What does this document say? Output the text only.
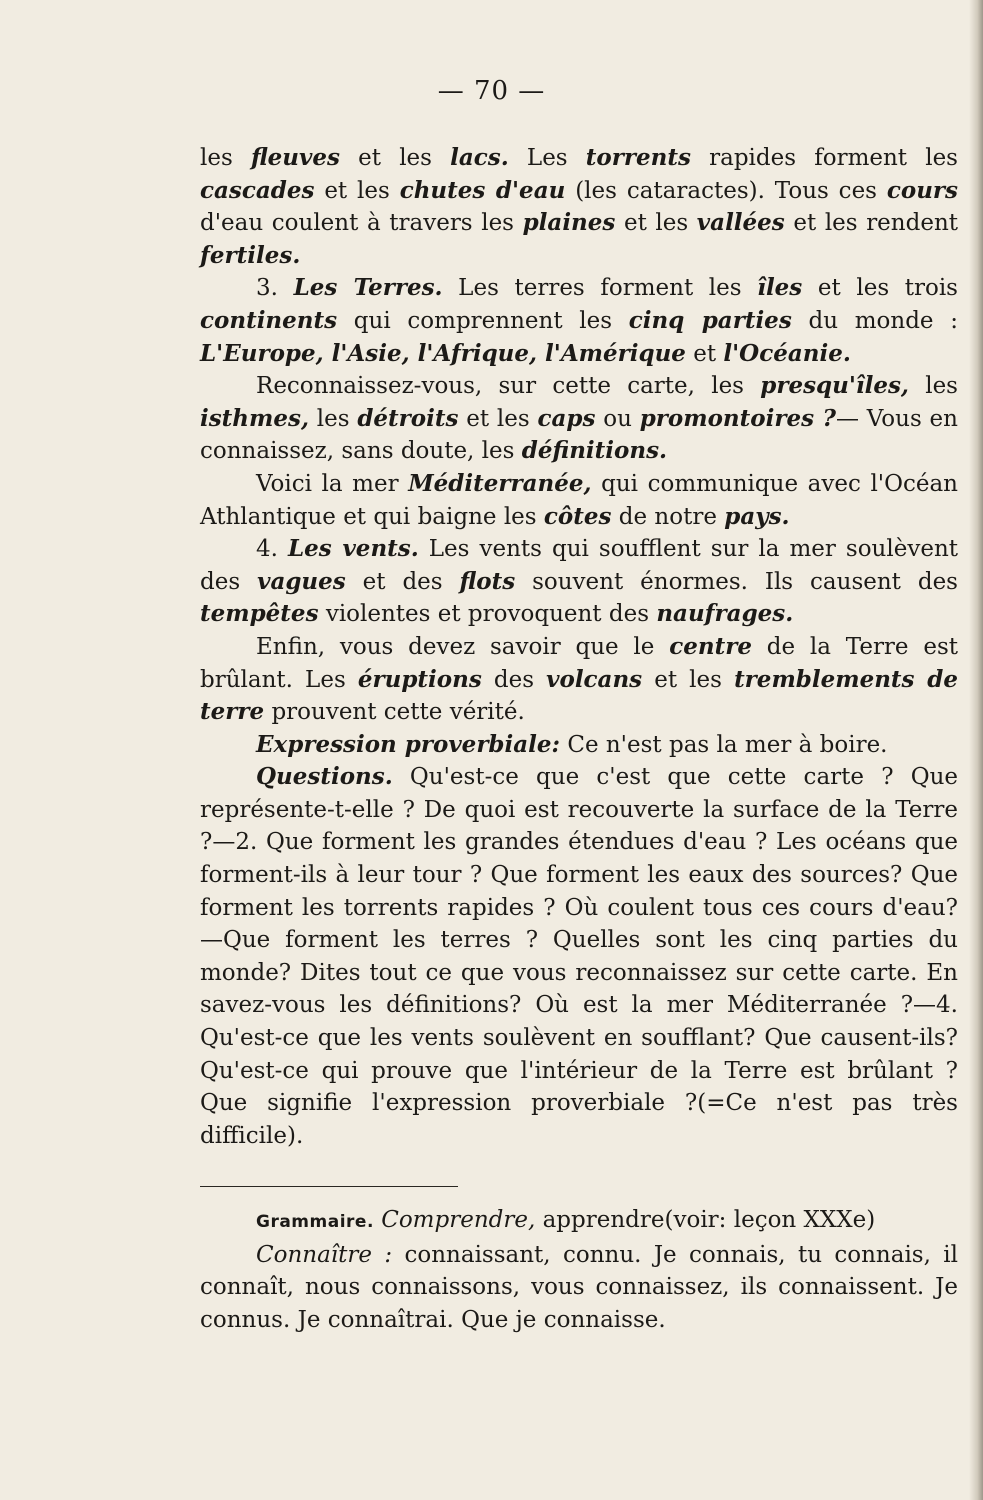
— 70 —

les fleuves et les lacs. Les torrents rapides forment les cascades et les chutes d'eau (les cataractes). Tous ces cours d'eau coulent à travers les plaines et les vallées et les rendent fertiles.

3. Les Terres. Les terres forment les îles et les trois continents qui comprennent les cinq parties du monde : L'Europe, l'Asie, l'Afrique, l'Amérique et l'Océanie.

Reconnaissez-vous, sur cette carte, les presqu'îles, les isthmes, les détroits et les caps ou promontoires ?— Vous en connaissez, sans doute, les définitions.

Voici la mer Méditerranée, qui communique avec l'Océan Athlantique et qui baigne les côtes de notre pays.

4. Les vents. Les vents qui soufflent sur la mer soulèvent des vagues et des flots souvent énormes. Ils causent des tempêtes violentes et provoquent des naufrages.

Enfin, vous devez savoir que le centre de la Terre est brûlant. Les éruptions des volcans et les tremblements de terre prouvent cette vérité.

Expression proverbiale: Ce n'est pas la mer à boire.

Questions. Qu'est-ce que c'est que cette carte ? Que représente-t-elle ? De quoi est recouverte la surface de la Terre ?—2. Que forment les grandes étendues d'eau ? Les océans que forment-ils à leur tour ? Que forment les eaux des sources? Que forment les torrents rapides ? Où coulent tous ces cours d'eau?—Que forment les terres ? Quelles sont les cinq parties du monde? Dites tout ce que vous reconnaissez sur cette carte. En savez-vous les définitions? Où est la mer Méditerranée ?—4. Qu'est-ce que les vents soulèvent en soufflant? Que causent-ils? Qu'est-ce qui prouve que l'intérieur de la Terre est brûlant ? Que signifie l'expression proverbiale ?(=Ce n'est pas très difficile).

Grammaire. Comprendre, apprendre(voir: leçon XXXe)

Connaître : connaissant, connu. Je connais, tu connais, il connaît, nous connaissons, vous connaissez, ils connaissent. Je connus. Je connaîtrai. Que je connaisse.
